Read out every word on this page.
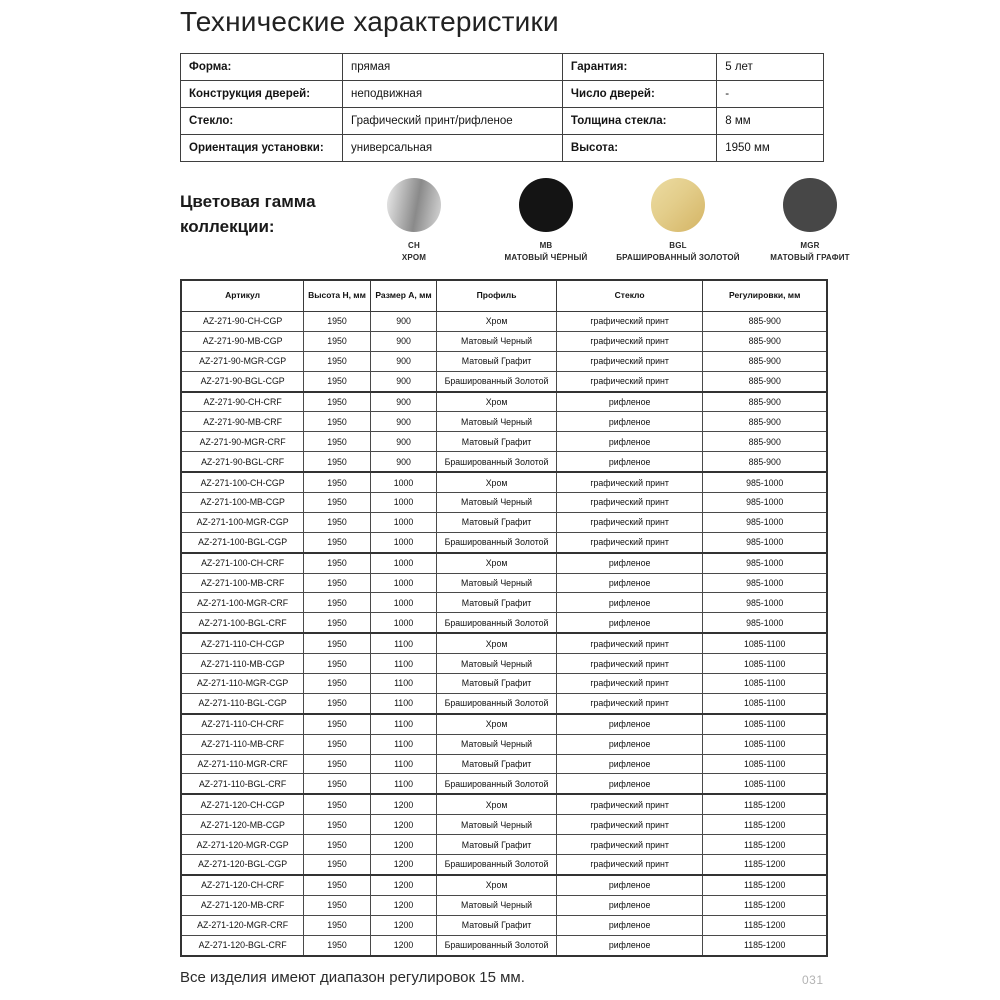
Технические характеристики
Форма:	прямая	Гарантия:	5 лет
Конструкция дверей:	неподвижная	Число дверей:	-
Стекло:	Графический принт/рифленое	Толщина стекла:	8 мм
Ориентация установки:	универсальная	Высота:	1950 мм
Цветовая гамма коллекции:
CH
ХРОМ
MB
МАТОВЫЙ ЧЁРНЫЙ
BGL
БРАШИРОВАННЫЙ ЗОЛОТОЙ
MGR
МАТОВЫЙ ГРАФИТ
Артикул	Высота H, мм	Размер A, мм	Профиль	Стекло	Регулировки, мм
AZ-271-90-CH-CGP	1950	900	Хром	графический принт	885-900
AZ-271-90-MB-CGP	1950	900	Матовый Черный	графический принт	885-900
AZ-271-90-MGR-CGP	1950	900	Матовый Графит	графический принт	885-900
AZ-271-90-BGL-CGP	1950	900	Брашированный Золотой	графический принт	885-900
AZ-271-90-CH-CRF	1950	900	Хром	рифленое	885-900
AZ-271-90-MB-CRF	1950	900	Матовый Черный	рифленое	885-900
AZ-271-90-MGR-CRF	1950	900	Матовый Графит	рифленое	885-900
AZ-271-90-BGL-CRF	1950	900	Брашированный Золотой	рифленое	885-900
AZ-271-100-CH-CGP	1950	1000	Хром	графический принт	985-1000
AZ-271-100-MB-CGP	1950	1000	Матовый Черный	графический принт	985-1000
AZ-271-100-MGR-CGP	1950	1000	Матовый Графит	графический принт	985-1000
AZ-271-100-BGL-CGP	1950	1000	Брашированный Золотой	графический принт	985-1000
AZ-271-100-CH-CRF	1950	1000	Хром	рифленое	985-1000
AZ-271-100-MB-CRF	1950	1000	Матовый Черный	рифленое	985-1000
AZ-271-100-MGR-CRF	1950	1000	Матовый Графит	рифленое	985-1000
AZ-271-100-BGL-CRF	1950	1000	Брашированный Золотой	рифленое	985-1000
AZ-271-110-CH-CGP	1950	1100	Хром	графический принт	1085-1100
AZ-271-110-MB-CGP	1950	1100	Матовый Черный	графический принт	1085-1100
AZ-271-110-MGR-CGP	1950	1100	Матовый Графит	графический принт	1085-1100
AZ-271-110-BGL-CGP	1950	1100	Брашированный Золотой	графический принт	1085-1100
AZ-271-110-CH-CRF	1950	1100	Хром	рифленое	1085-1100
AZ-271-110-MB-CRF	1950	1100	Матовый Черный	рифленое	1085-1100
AZ-271-110-MGR-CRF	1950	1100	Матовый Графит	рифленое	1085-1100
AZ-271-110-BGL-CRF	1950	1100	Брашированный Золотой	рифленое	1085-1100
AZ-271-120-CH-CGP	1950	1200	Хром	графический принт	1185-1200
AZ-271-120-MB-CGP	1950	1200	Матовый Черный	графический принт	1185-1200
AZ-271-120-MGR-CGP	1950	1200	Матовый Графит	графический принт	1185-1200
AZ-271-120-BGL-CGP	1950	1200	Брашированный Золотой	графический принт	1185-1200
AZ-271-120-CH-CRF	1950	1200	Хром	рифленое	1185-1200
AZ-271-120-MB-CRF	1950	1200	Матовый Черный	рифленое	1185-1200
AZ-271-120-MGR-CRF	1950	1200	Матовый Графит	рифленое	1185-1200
AZ-271-120-BGL-CRF	1950	1200	Брашированный Золотой	рифленое	1185-1200
Все изделия имеют диапазон регулировок 15 мм.	031
